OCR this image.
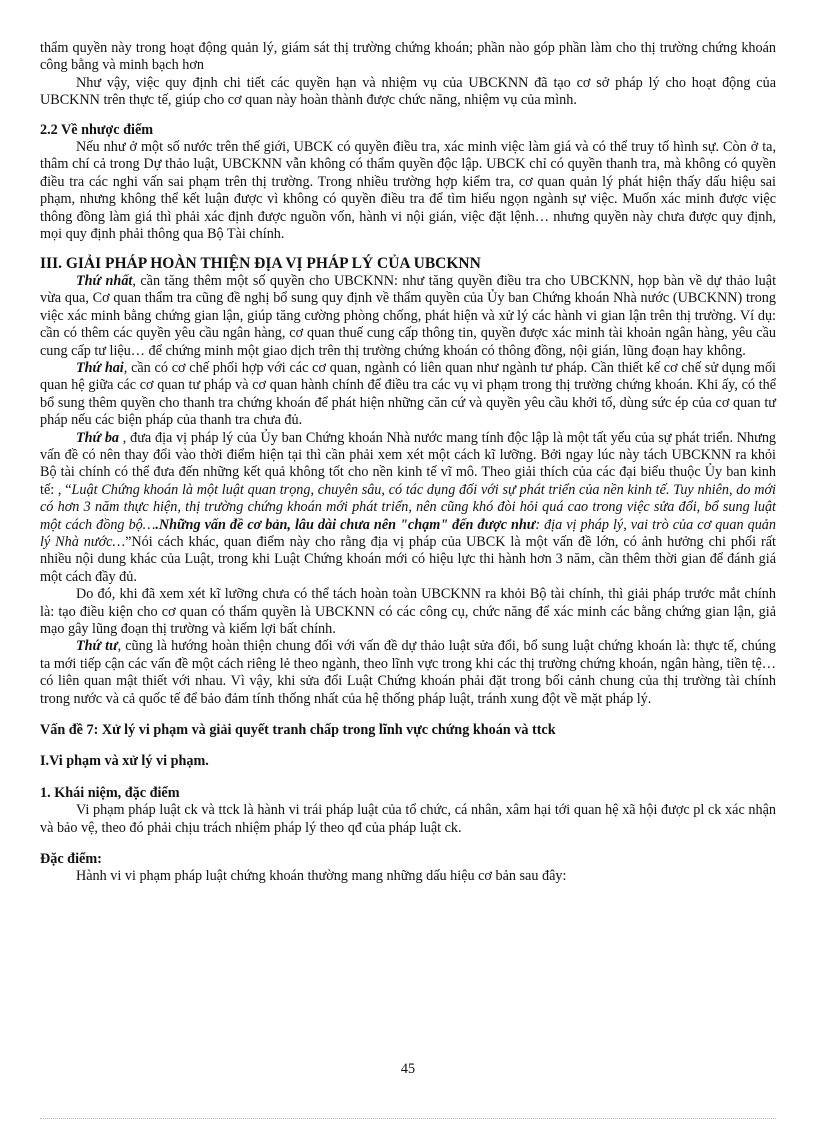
thẩm quyền này trong hoạt động quản lý, giám sát thị trường chứng khoán; phần nào góp phần làm cho thị trường chứng khoán công bằng và minh bạch hơn

Như vậy, việc quy định chi tiết các quyền hạn và nhiệm vụ của UBCKNN đã tạo cơ sở pháp lý cho hoạt động của UBCKNN trên thực tế, giúp cho cơ quan này hoàn thành được chức năng, nhiệm vụ của mình.

2.2 Về nhược điểm

Nếu như ở một số nước trên thế giới, UBCK có quyền điều tra, xác minh việc làm giá và có thể truy tố hình sự. Còn ở ta, thâm chí cả trong Dự thảo luật, UBCKNN vẫn không có thẩm quyền độc lập. UBCK chỉ có quyền thanh tra, mà không có quyền điều tra các nghi vấn sai phạm trên thị trường. Trong nhiều trường hợp kiểm tra, cơ quan quản lý phát hiện thấy dấu hiệu sai phạm, nhưng không thể kết luận được vì không có quyền điều tra để tìm hiểu ngọn ngành sự việc. Muốn xác minh được việc thông đồng làm giá thì phải xác định được nguồn vốn, hành vi nội gián, việc đặt lệnh… nhưng quyền này chưa được quy định, mọi quy định phải thông qua Bộ Tài chính.

III. GIẢI PHÁP HOÀN THIỆN ĐỊA VỊ PHÁP LÝ CỦA UBCKNN

Thứ nhất, cần tăng thêm một số quyền cho UBCKNN: như tăng quyền điều tra cho UBCKNN, họp bàn về dự thảo luật vừa qua, Cơ quan thẩm tra cũng đề nghị bổ sung quy định về thẩm quyền của Ủy ban Chứng khoán Nhà nước (UBCKNN) trong việc xác minh bằng chứng gian lận, giúp tăng cường phòng chống, phát hiện và xử lý các hành vi gian lận trên thị trường. Ví dụ: cần có thêm các quyền yêu cầu ngân hàng, cơ quan thuế cung cấp thông tin, quyền được xác minh tài khoản ngân hàng, yêu cầu cung cấp tư liệu… để chứng minh một giao dịch trên thị trường chứng khoán có thông đồng, nội gián, lũng đoạn hay không.

Thứ hai, cần có cơ chế phối hợp với các cơ quan, ngành có liên quan như ngành tư pháp. Cần thiết kế cơ chế sử dụng mối quan hệ giữa các cơ quan tư pháp và cơ quan hành chính để điều tra các vụ vi phạm trong thị trường chứng khoán. Khi ấy, có thể bổ sung thêm quyền cho thanh tra chứng khoán để phát hiện những căn cứ và quyền yêu cầu khởi tố, dùng sức ép của cơ quan tư pháp nếu các biện pháp của thanh tra chưa đủ.

Thứ ba , đưa địa vị pháp lý của Ủy ban Chứng khoán Nhà nước mang tính độc lập là một tất yếu của sự phát triển. Nhưng vấn đề có nên thay đổi vào thời điểm hiện tại thì cần phải xem xét một cách kĩ lưỡng. Bởi ngay lúc này tách UBCKNN ra khỏi Bộ tài chính có thể đưa đến những kết quả không tốt cho nền kinh tế vĩ mô. Theo giải thích của các đại biểu thuộc Ủy ban kinh tế: , “Luật Chứng khoán là một luật quan trọng, chuyên sâu, có tác dụng đối với sự phát triển của nền kinh tế. Tuy nhiên, do mới có hơn 3 năm thực hiện, thị trường chứng khoán mới phát triển, nên cũng khó đòi hỏi quá cao trong việc sửa đổi, bổ sung luật một cách đồng bộ….Những vấn đề cơ bản, lâu dài chưa nên "chạm" đến được như: địa vị pháp lý, vai trò của cơ quan quản lý Nhà nước…”Nói cách khác, quan điểm này cho rằng địa vị pháp của UBCK là một vấn đề lớn, có ảnh hưởng chi phối rất nhiều nội dung khác của Luật, trong khi Luật Chứng khoán mới có hiệu lực thi hành hơn 3 năm, cần thêm thời gian để đánh giá một cách đầy đủ.

Do đó, khi đã xem xét kĩ lưỡng chưa có thể tách hoàn toàn UBCKNN ra khỏi Bộ tài chính, thì giải pháp trước mắt chính là: tạo điều kiện cho cơ quan có thẩm quyền là UBCKNN có các công cụ, chức năng để xác minh các bằng chứng gian lận, giả mạo gây lũng đoạn thị trường và kiếm lợi bất chính.

Thứ tư, cũng là hướng hoàn thiện chung đối với vấn đề dự thảo luật sửa đổi, bổ sung luật chứng khoán là: thực tế, chúng ta mới tiếp cận các vấn đề một cách riêng lẻ theo ngành, theo lĩnh vực trong khi các thị trường chứng khoán, ngân hàng, tiền tệ… có liên quan mật thiết với nhau. Vì vậy, khi sửa đổi Luật Chứng khoán phải đặt trong bối cảnh chung của thị trường tài chính trong nước và cả quốc tế để bảo đảm tính thống nhất của hệ thống pháp luật, tránh xung đột về mặt pháp lý.

Vấn đề 7: Xử lý vi phạm và giải quyết tranh chấp trong lĩnh vực chứng khoán và ttck
I.Vi phạm và xử lý vi phạm.
1. Khái niệm, đặc điểm

Vi phạm pháp luật ck và ttck là hành vi trái pháp luật của tổ chức, cá nhân, xâm hại tới quan hệ xã hội được pl ck xác nhận và bảo vệ, theo đó phải chịu trách nhiệm pháp lý theo qđ của pháp luật ck.

Đặc điểm:

Hành vi vi phạm pháp luật chứng khoán thường mang những dấu hiệu cơ bản sau đây:

45
